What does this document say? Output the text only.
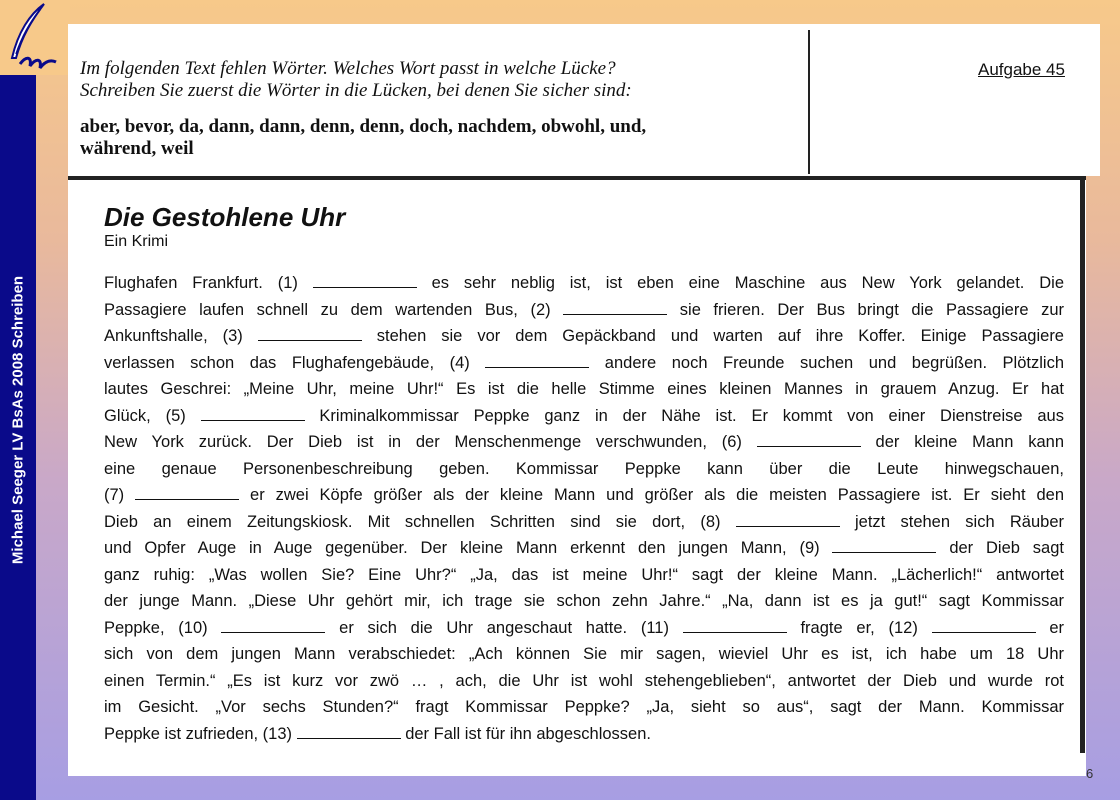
Michael Seeger LV BsAs 2008 Schreiben
Im folgenden Text fehlen Wörter. Welches Wort passt in welche Lücke?
Schreiben Sie zuerst die Wörter in die Lücken, bei denen Sie sicher sind:
aber, bevor, da, dann, dann, denn, denn, doch, nachdem, obwohl, und,
während, weil
Aufgabe 45
Die Gestohlene Uhr
Ein Krimi
Flughafen Frankfurt. (1)	es sehr neblig ist, ist eben eine Maschine aus New York gelandet. Die
Passagiere laufen schnell zu dem wartenden Bus, (2)	sie frieren. Der Bus bringt die Passagiere zur
Ankunftshalle, (3)	stehen sie vor dem Gepäckband und warten auf ihre Koffer. Einige Passagiere
verlassen schon das Flughafengebäude, (4)	andere noch Freunde suchen und begrüßen. Plötzlich
lautes Geschrei: „Meine Uhr, meine Uhr!“ Es ist die helle Stimme eines kleinen Mannes in grauem Anzug. Er hat
Glück, (5)	Kriminalkommissar Peppke ganz in der Nähe ist. Er kommt von einer Dienstreise aus
New York zurück. Der Dieb ist in der Menschenmenge verschwunden, (6)	der kleine Mann kann
eine genaue Personenbeschreibung geben. Kommissar Peppke kann über die Leute hinwegschauen,
(7)	er zwei Köpfe größer als der kleine Mann und größer als die meisten Passagiere ist. Er sieht den
Dieb an einem Zeitungskiosk. Mit schnellen Schritten sind sie dort, (8)	jetzt stehen sich Räuber
und Opfer Auge in Auge gegenüber. Der kleine Mann erkennt den jungen Mann, (9)	der Dieb sagt
ganz ruhig: „Was wollen Sie? Eine Uhr?“ „Ja, das ist meine Uhr!“ sagt der kleine Mann. „Lächerlich!“ antwortet
der junge Mann. „Diese Uhr gehört mir, ich trage sie schon zehn Jahre.“ „Na, dann ist es ja gut!“ sagt Kommissar
Peppke, (10)	er sich die Uhr angeschaut hatte. (11)	fragte er, (12)	er
sich von dem jungen Mann verabschiedet: „Ach können Sie mir sagen, wieviel Uhr es ist, ich habe um 18 Uhr
einen Termin.“ „Es ist kurz vor zwö … , ach, die Uhr ist wohl stehengeblieben“, antwortet der Dieb und wurde rot
im Gesicht. „Vor sechs Stunden?“ fragt Kommissar Peppke? „Ja, sieht so aus“, sagt der Mann. Kommissar
Peppke ist zufrieden, (13)	der Fall ist für ihn abgeschlossen.
6
